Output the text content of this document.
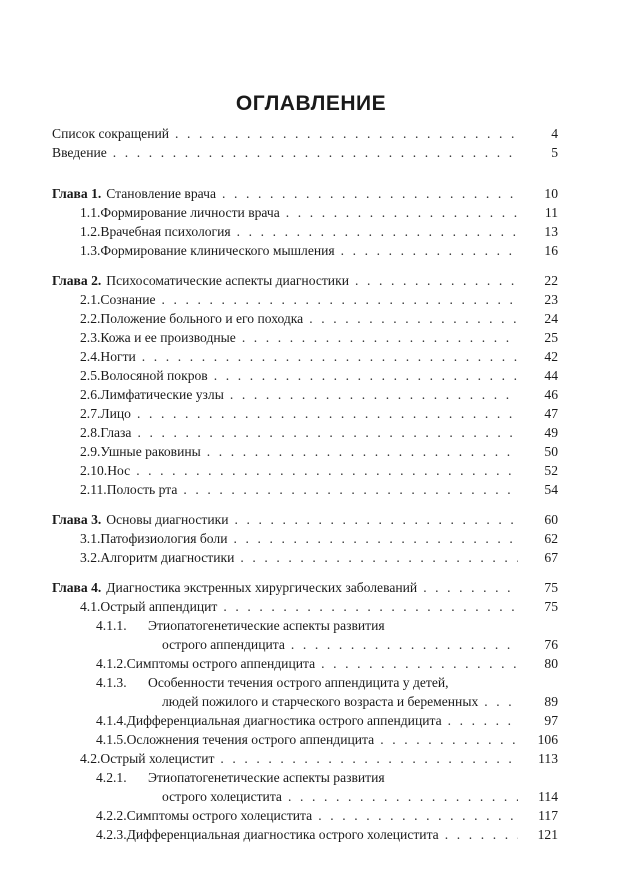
ОГЛАВЛЕНИЕ
Список сокращений . . .	4
Введение . . .	5
Глава 1. Становление врача . . .	10
1.1. Формирование личности врача . . .	11
1.2. Врачебная психология . . .	13
1.3. Формирование клинического мышления . . .	16
Глава 2. Психосоматические аспекты диагностики . . .	22
2.1. Сознание . . .	23
2.2. Положение больного и его походка . . .	24
2.3. Кожа и ее производные . . .	25
2.4. Ногти . . .	42
2.5. Волосяной покров . . .	44
2.6. Лимфатические узлы . . .	46
2.7. Лицо . . .	47
2.8. Глаза . . .	49
2.9. Ушные раковины . . .	50
2.10. Нос . . .	52
2.11. Полость рта . . .	54
Глава 3. Основы диагностики . . .	60
3.1. Патофизиология боли . . .	62
3.2. Алгоритм диагностики . . .	67
Глава 4. Диагностика экстренных хирургических заболеваний . . .	75
4.1. Острый аппендицит . . .	75
4.1.1. Этиопатогенетические аспекты развития
острого аппендицита . . .	76
4.1.2. Симптомы острого аппендицита . . .	80
4.1.3. Особенности течения острого аппендицита у детей,
людей пожилого и старческого возраста и беременных . . .	89
4.1.4. Дифференциальная диагностика острого аппендицита . . .	97
4.1.5. Осложнения течения острого аппендицита . . .	106
4.2. Острый холецистит . . .	113
4.2.1. Этиопатогенетические аспекты развития
острого холецистита . . .	114
4.2.2. Симптомы острого холецистита . . .	117
4.2.3. Дифференциальная диагностика острого холецистита . . .	121
